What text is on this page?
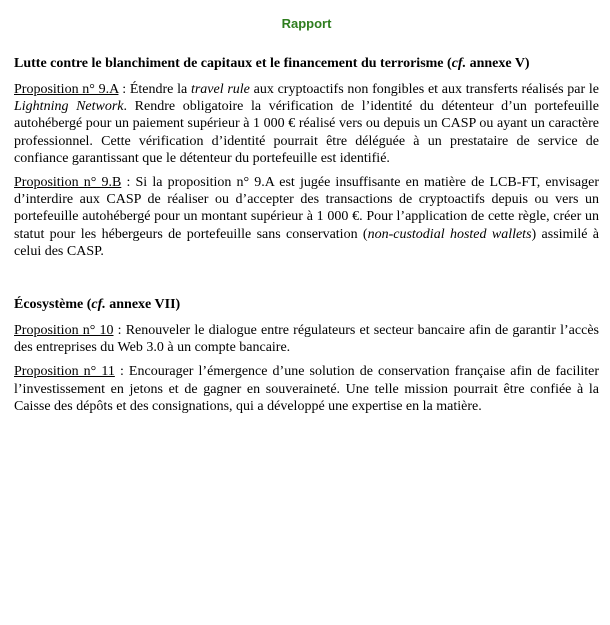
Rapport
Lutte contre le blanchiment de capitaux et le financement du terrorisme (cf. annexe V)

Proposition n° 9.A : Étendre la travel rule aux cryptoactifs non fongibles et aux transferts réalisés par le Lightning Network. Rendre obligatoire la vérification de l’identité du détenteur d’un portefeuille autohébergé pour un paiement supérieur à 1 000 € réalisé vers ou depuis un CASP ou ayant un caractère professionnel. Cette vérification d’identité pourrait être déléguée à un prestataire de service de confiance garantissant que le détenteur du portefeuille est identifié.

Proposition n° 9.B : Si la proposition n° 9.A est jugée insuffisante en matière de LCB-FT, envisager d’interdire aux CASP de réaliser ou d’accepter des transactions de cryptoactifs depuis ou vers un portefeuille autohébergé pour un montant supérieur à 1 000 €. Pour l’application de cette règle, créer un statut pour les hébergeurs de portefeuille sans conservation (non-custodial hosted wallets) assimilé à celui des CASP.

Écosystème (cf. annexe VII)

Proposition n° 10 : Renouveler le dialogue entre régulateurs et secteur bancaire afin de garantir l’accès des entreprises du Web 3.0 à un compte bancaire.

Proposition n° 11 : Encourager l’émergence d’une solution de conservation française afin de faciliter l’investissement en jetons et de gagner en souveraineté. Une telle mission pourrait être confiée à la Caisse des dépôts et des consignations, qui a développé une expertise en la matière.
